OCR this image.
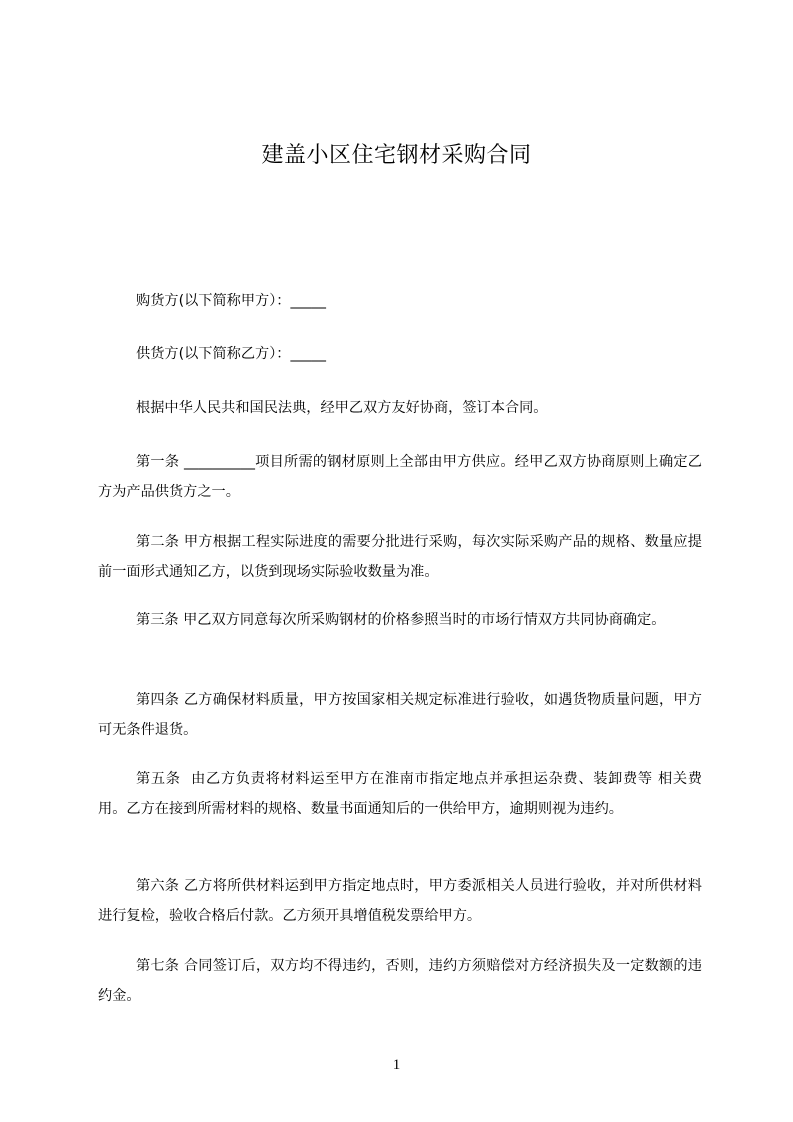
建盖小区住宅钢材采购合同
购货方(以下简称甲方）：_____
供货方(以下简称乙方）：_____
根据中华人民共和国民法典，经甲乙双方友好协商，签订本合同。
第一条 __________项目所需的钢材原则上全部由甲方供应。经甲乙双方协商原则上确定乙方为产品供货方之一。
第二条 甲方根据工程实际进度的需要分批进行采购，每次实际采购产品的规格、数量应提前一面形式通知乙方，以货到现场实际验收数量为准。
第三条 甲乙双方同意每次所采购钢材的价格参照当时的市场行情双方共同协商确定。
第四条 乙方确保材料质量，甲方按国家相关规定标准进行验收，如遇货物质量问题，甲方可无条件退货。
第五条  由乙方负责将材料运至甲方在淮南市指定地点并承担运杂费、装卸费等 相关费用。乙方在接到所需材料的规格、数量书面通知后的一供给甲方，逾期则视为违约。
第六条 乙方将所供材料运到甲方指定地点时，甲方委派相关人员进行验收，并对所供材料进行复检，验收合格后付款。乙方须开具增值税发票给甲方。
第七条 合同签订后，双方均不得违约，否则，违约方须赔偿对方经济损失及一定数额的违约金。
1
